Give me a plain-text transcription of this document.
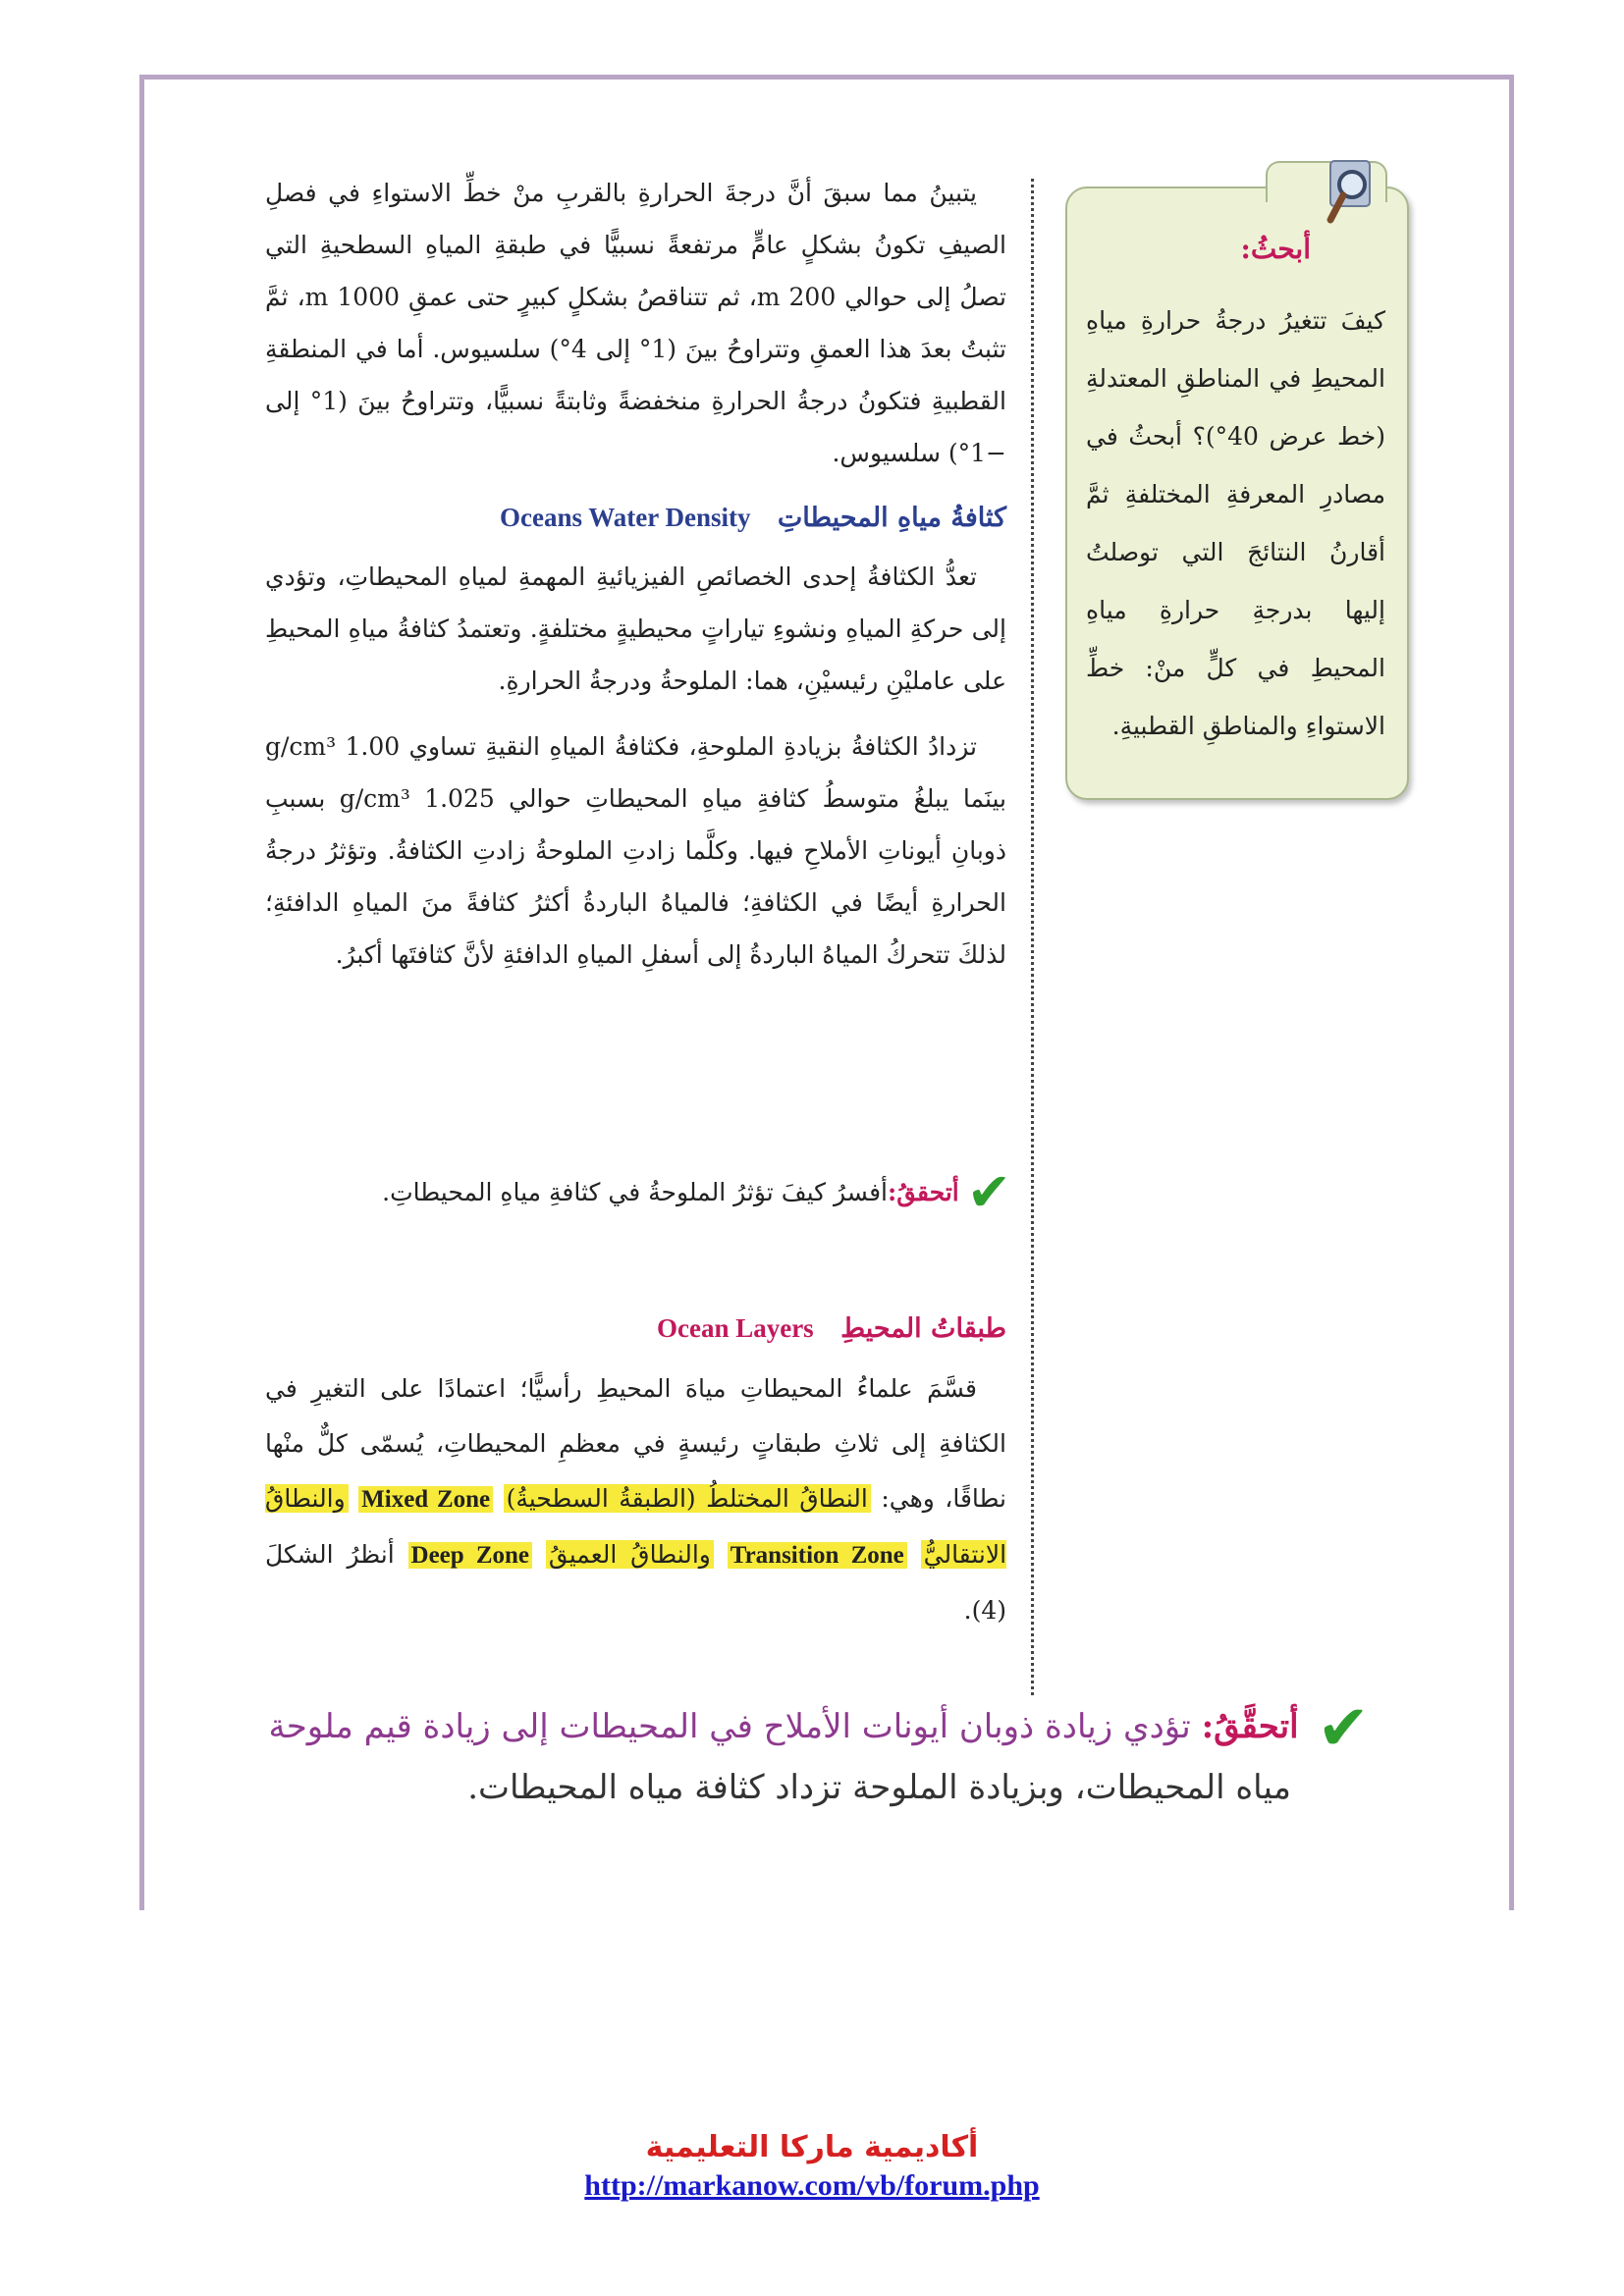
أبحثُ:
كيفَ تتغيرُ درجةُ حرارةِ مياهِ المحيطِ في المناطقِ المعتدلةِ (خط عرض 40°)؟ أبحثُ في مصادرِ المعرفةِ المختلفةِ ثمَّ أقارنُ النتائجَ التي توصلتُ إليها بدرجةِ حرارةِ مياهِ المحيطِ في كلٍّ منْ: خطِّ الاستواءِ والمناطقِ القطبيةِ.

يتبينُ مما سبقَ أنَّ درجةَ الحرارةِ بالقربِ منْ خطِّ الاستواءِ في فصلِ الصيفِ تكونُ بشكلٍ عامٍّ مرتفعةً نسبيًّا في طبقةِ المياهِ السطحيةِ التي تصلُ إلى حوالي 200 m، ثم تتناقصُ بشكلٍ كبيرٍ حتى عمقِ 1000 m، ثمَّ تثبتُ بعدَ هذا العمقِ وتتراوحُ بينَ (1° إلى 4°) سلسيوس. أما في المنطقةِ القطبيةِ فتكونُ درجةُ الحرارةِ منخفضةً وثابتةً نسبيًّا، وتتراوحُ بينَ (1° إلى −1°) سلسيوس.

كثافةُ مياهِ المحيطاتِ Oceans Water Density

تعدُّ الكثافةُ إحدى الخصائصِ الفيزيائيةِ المهمةِ لمياهِ المحيطاتِ، وتؤدي إلى حركةِ المياهِ ونشوءِ تياراتٍ محيطيةٍ مختلفةٍ. وتعتمدُ كثافةُ مياهِ المحيطِ على عامليْنِ رئيسيْنِ، هما: الملوحةُ ودرجةُ الحرارةِ.

تزدادُ الكثافةُ بزيادةِ الملوحةِ، فكثافةُ المياهِ النقيةِ تساوي 1.00 g/cm³ بينَما يبلغُ متوسطُ كثافةِ مياهِ المحيطاتِ حوالي 1.025 g/cm³ بسببِ ذوبانِ أيوناتِ الأملاحِ فيها. وكلَّما زادتِ الملوحةُ زادتِ الكثافةُ. وتؤثرُ درجةُ الحرارةِ أيضًا في الكثافةِ؛ فالمياهُ الباردةُ أكثرُ كثافةً منَ المياهِ الدافئةِ؛ لذلكَ تتحركُ المياهُ الباردةُ إلى أسفلِ المياهِ الدافئةِ لأنَّ كثافتَها أكبرُ.

✔
أتحققُ:
أفسرُ كيفَ تؤثرُ الملوحةُ في كثافةِ مياهِ المحيطاتِ.
طبقاتُ المحيطِ Ocean Layers

قسَّمَ علماءُ المحيطاتِ مياهَ المحيطِ رأسيًّا؛ اعتمادًا على التغيرِ في الكثافةِ إلى ثلاثِ طبقاتٍ رئيسةٍ في معظمِ المحيطاتِ، يُسمّى كلٌّ منْها نطاقًا، وهي: النطاقُ المختلطُ (الطبقةُ السطحيةُ) Mixed Zone والنطاقُ الانتقاليُّ Transition Zone والنطاقُ العميقُ Deep Zone أنظرُ الشكلَ (4).

✔ أتحقَّقُ: تؤدي زيادة ذوبان أيونات الأملاح في المحيطات إلى زيادة قيم ملوحة
مياه المحيطات، وبزيادة الملوحة تزداد كثافة مياه المحيطات.
أكاديمية ماركا التعليمية
http://markanow.com/vb/forum.php
